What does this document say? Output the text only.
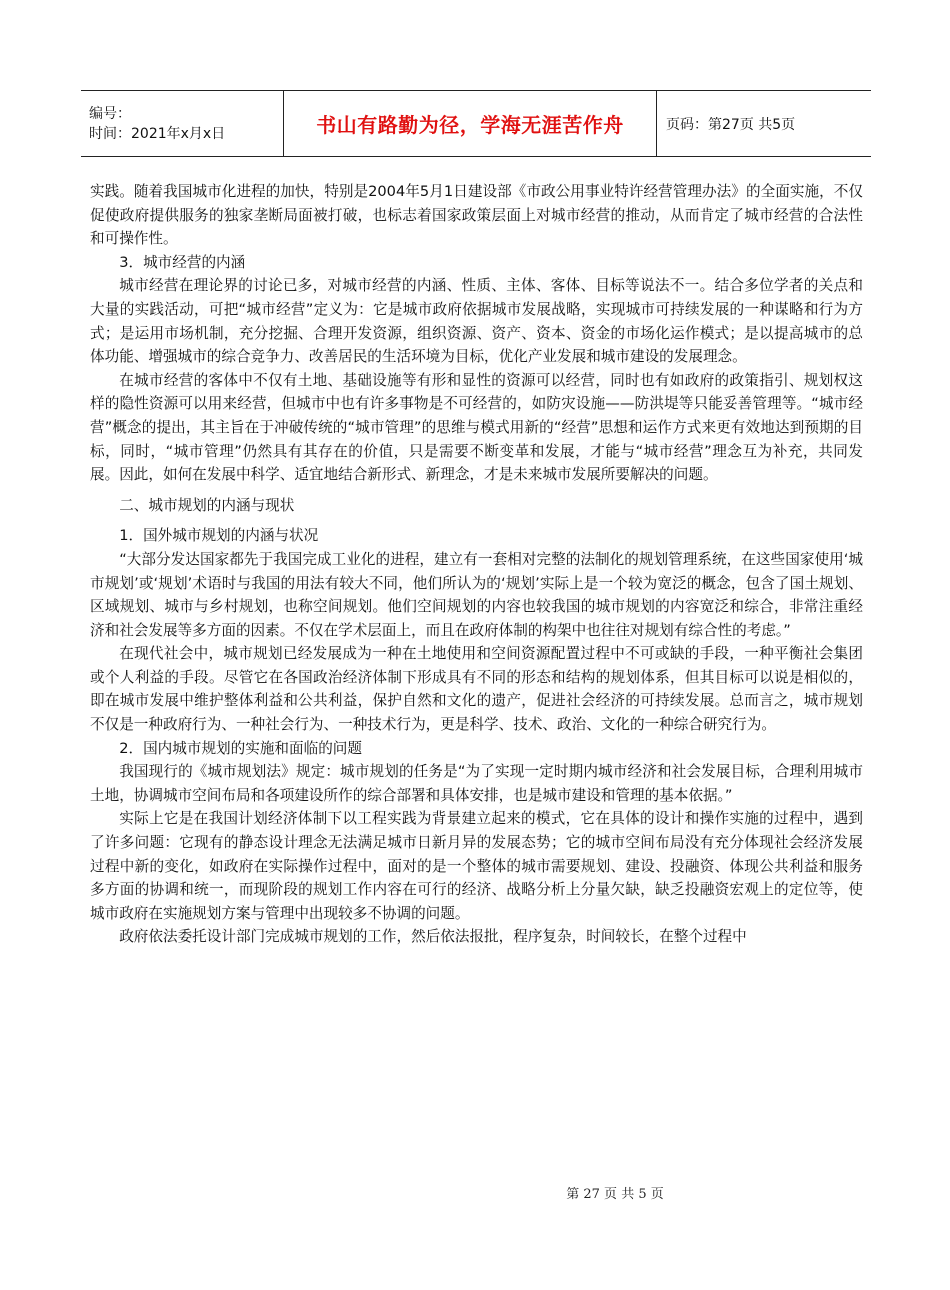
编号：
时间：2021年x月x日	书山有路勤为径，学海无涯苦作舟	页码：第27页 共5页

实践。随着我国城市化进程的加快，特别是2004年5月1日建设部《市政公用事业特许经营管理办法》的全面实施，不仅促使政府提供服务的独家垄断局面被打破，也标志着国家政策层面上对城市经营的推动，从而肯定了城市经营的合法性和可操作性。

3．城市经营的内涵

城市经营在理论界的讨论已多，对城市经营的内涵、性质、主体、客体、目标等说法不一。结合多位学者的关点和大量的实践活动，可把“城市经营”定义为：它是城市政府依据城市发展战略，实现城市可持续发展的一种谋略和行为方式；是运用市场机制，充分挖掘、合理开发资源，组织资源、资产、资本、资金的市场化运作模式；是以提高城市的总体功能、增强城市的综合竞争力、改善居民的生活环境为目标，优化产业发展和城市建设的发展理念。

在城市经营的客体中不仅有土地、基础设施等有形和显性的资源可以经营，同时也有如政府的政策指引、规划权这样的隐性资源可以用来经营，但城市中也有许多事物是不可经营的，如防灾设施——防洪堤等只能妥善管理等。“城市经营”概念的提出，其主旨在于冲破传统的“城市管理”的思维与模式用新的“经营”思想和运作方式来更有效地达到预期的目标，同时，“城市管理”仍然具有其存在的价值，只是需要不断变革和发展，才能与“城市经营”理念互为补充，共同发展。因此，如何在发展中科学、适宜地结合新形式、新理念，才是未来城市发展所要解决的问题。

二、城市规划的内涵与现状

1．国外城市规划的内涵与状况

“大部分发达国家都先于我国完成工业化的进程，建立有一套相对完整的法制化的规划管理系统，在这些国家使用‘城市规划’或‘规划’术语时与我国的用法有较大不同，他们所认为的‘规划’实际上是一个较为宽泛的概念，包含了国土规划、区域规划、城市与乡村规划，也称空间规划。他们空间规划的内容也较我国的城市规划的内容宽泛和综合，非常注重经济和社会发展等多方面的因素。不仅在学术层面上，而且在政府体制的构架中也往往对规划有综合性的考虑。”

在现代社会中，城市规划已经发展成为一种在土地使用和空间资源配置过程中不可或缺的手段，一种平衡社会集团或个人利益的手段。尽管它在各国政治经济体制下形成具有不同的形态和结构的规划体系，但其目标可以说是相似的，即在城市发展中维护整体利益和公共利益，保护自然和文化的遗产，促进社会经济的可持续发展。总而言之，城市规划不仅是一种政府行为、一种社会行为、一种技术行为，更是科学、技术、政治、文化的一种综合研究行为。

2．国内城市规划的实施和面临的问题

我国现行的《城市规划法》规定：城市规划的任务是“为了实现一定时期内城市经济和社会发展目标，合理利用城市土地，协调城市空间布局和各项建设所作的综合部署和具体安排，也是城市建设和管理的基本依据。”

实际上它是在我国计划经济体制下以工程实践为背景建立起来的模式，它在具体的设计和操作实施的过程中，遇到了许多问题：它现有的静态设计理念无法满足城市日新月异的发展态势；它的城市空间布局没有充分体现社会经济发展过程中新的变化，如政府在实际操作过程中，面对的是一个整体的城市需要规划、建设、投融资、体现公共利益和服务多方面的协调和统一，而现阶段的规划工作内容在可行的经济、战略分析上分量欠缺，缺乏投融资宏观上的定位等，使城市政府在实施规划方案与管理中出现较多不协调的问题。

政府依法委托设计部门完成城市规划的工作，然后依法报批，程序复杂，时间较长，在整个过程中

第 27 页 共 5 页
